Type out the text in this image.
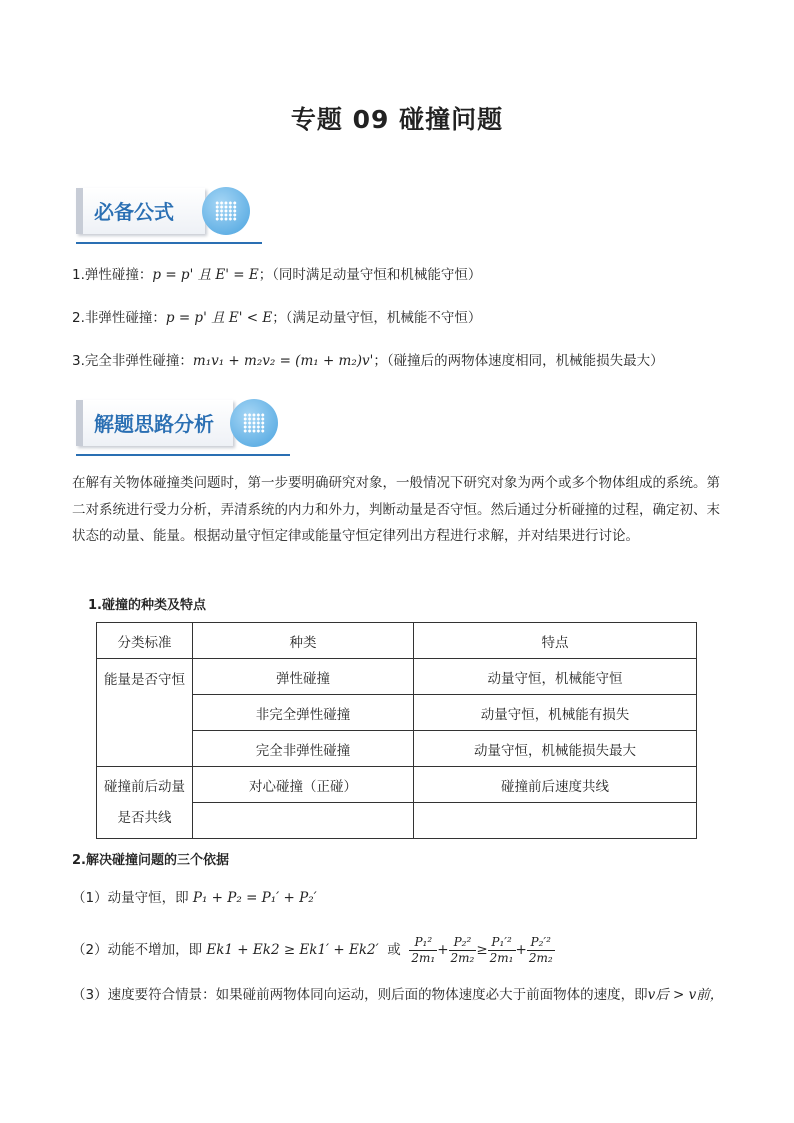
专题 09 碰撞问题
必备公式
1.弹性碰撞：p = p' 且 E' = E；（同时满足动量守恒和机械能守恒）
2.非弹性碰撞：p = p' 且 E' < E；（满足动量守恒，机械能不守恒）
3.完全非弹性碰撞：m₁v₁ + m₂v₂ = (m₁ + m₂)v'；（碰撞后的两物体速度相同，机械能损失最大）
解题思路分析
在解有关物体碰撞类问题时，第一步要明确研究对象，一般情况下研究对象为两个或多个物体组成的系统。第二对系统进行受力分析，弄清系统的内力和外力，判断动量是否守恒。然后通过分析碰撞的过程，确定初、末状态的动量、能量。根据动量守恒定律或能量守恒定律列出方程进行求解，并对结果进行讨论。
1.碰撞的种类及特点
分类标准	种类	特点
能量是否守恒	弹性碰撞	动量守恒，机械能守恒
	非完全弹性碰撞	动量守恒，机械能有损失
	完全非弹性碰撞	动量守恒，机械能损失最大
碰撞前后动量是否共线	对心碰撞（正碰）	碰撞前后速度共线

2.解决碰撞问题的三个依据
（1）动量守恒，即 P₁ + P₂ = P₁′ + P₂′
（2）动能不增加，即 Ek1 + Ek2 ≥ Ek1′ + Ek2′ 或 $\frac{\text{P₁²}}{\text{2m₁}} + \frac{\text{P₂²}}{\text{2m₂}} \ge \frac{\text{P₁′²}}{\text{2m₁}} + \frac{\text{P₂′²}}{\text{2m₂}}$
（3）速度要符合情景：如果碰前两物体同向运动，则后面的物体速度必大于前面物体的速度，即v后 > v前，
